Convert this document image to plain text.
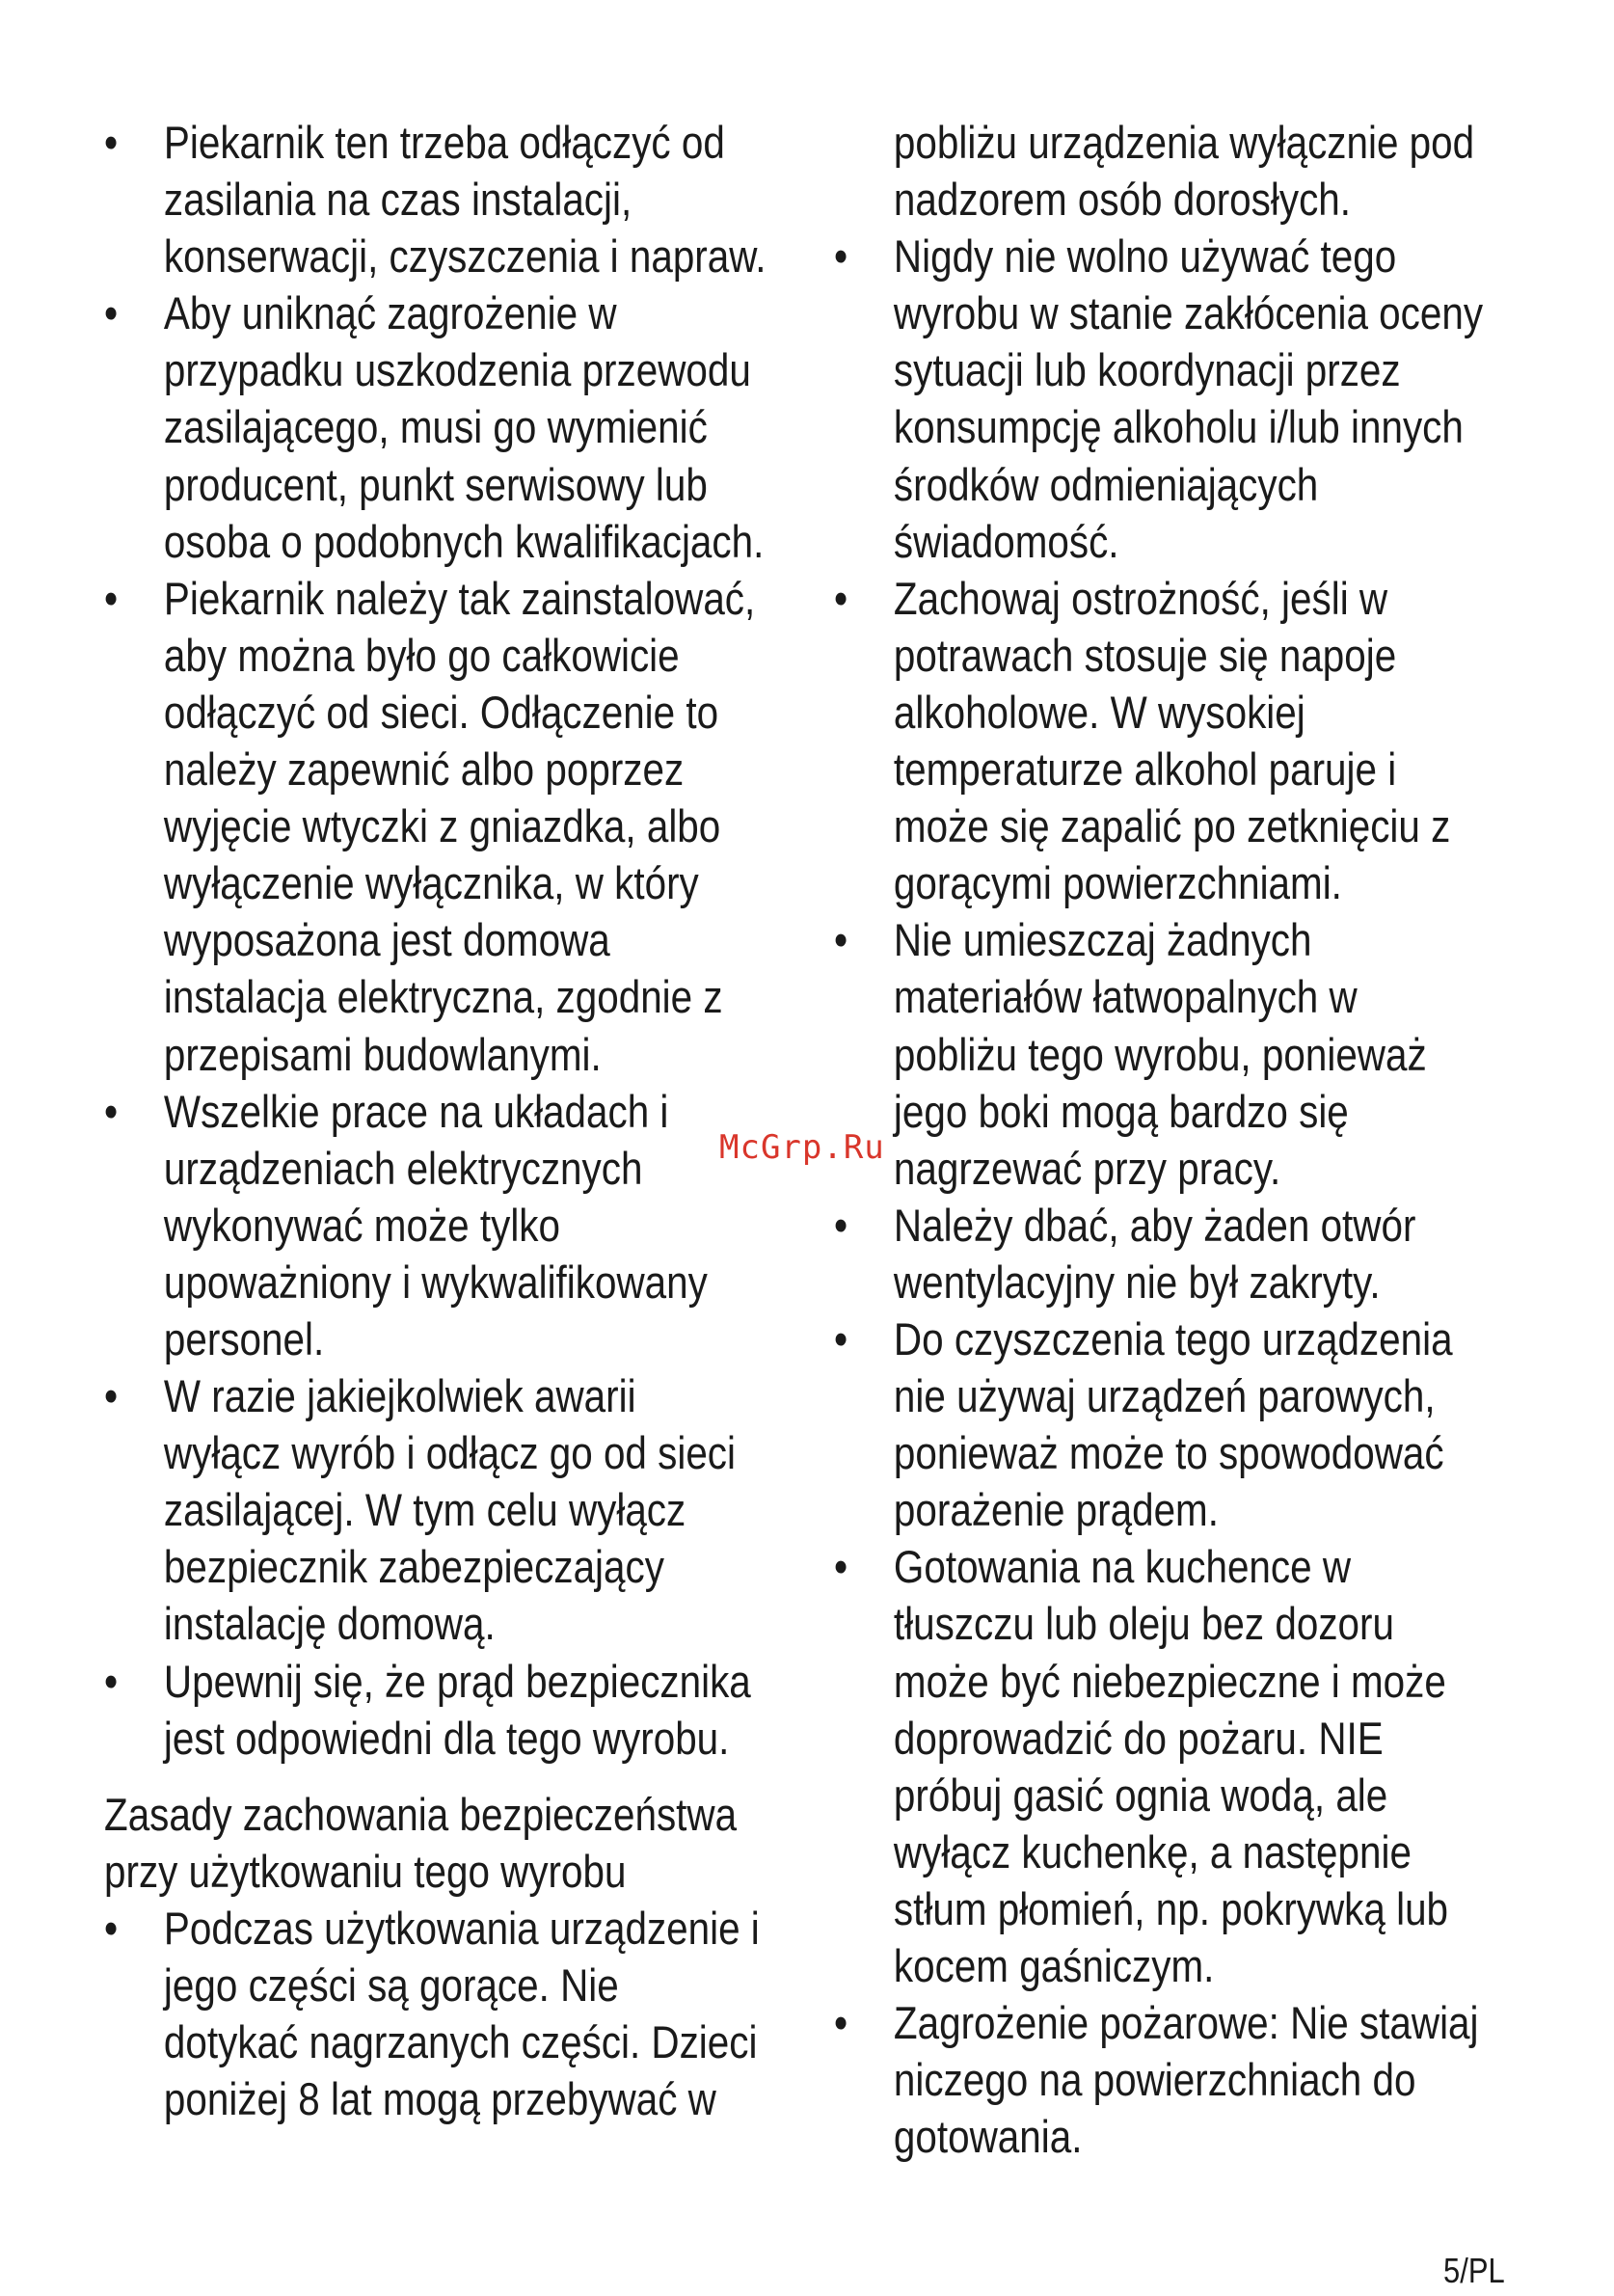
• Piekarnik ten trzeba odłączyć od
zasilania na czas instalacji,
konserwacji, czyszczenia i napraw.
• Aby uniknąć zagrożenie w
przypadku uszkodzenia przewodu
zasilającego, musi go wymienić
producent, punkt serwisowy lub
osoba o podobnych kwalifikacjach.
• Piekarnik należy tak zainstalować,
aby można było go całkowicie
odłączyć od sieci. Odłączenie to
należy zapewnić albo poprzez
wyjęcie wtyczki z gniazdka, albo
wyłączenie wyłącznika, w który
wyposażona jest domowa
instalacja elektryczna, zgodnie z
przepisami budowlanymi.
• Wszelkie prace na układach i
urządzeniach elektrycznych
wykonywać może tylko
upoważniony i wykwalifikowany
personel.
• W razie jakiejkolwiek awarii
wyłącz wyrób i odłącz go od sieci
zasilającej. W tym celu wyłącz
bezpiecznik zabezpieczający
instalację domową.
• Upewnij się, że prąd bezpiecznika
jest odpowiedni dla tego wyrobu.
Zasady zachowania bezpieczeństwa
przy użytkowaniu tego wyrobu
• Podczas użytkowania urządzenie i
jego części są gorące. Nie
dotykać nagrzanych części. Dzieci
poniżej 8 lat mogą przebywać w
pobliżu urządzenia wyłącznie pod
nadzorem osób dorosłych.
• Nigdy nie wolno używać tego
wyrobu w stanie zakłócenia oceny
sytuacji lub koordynacji przez
konsumpcję alkoholu i/lub innych
środków odmieniających
świadomość.
• Zachowaj ostrożność, jeśli w
potrawach stosuje się napoje
alkoholowe. W wysokiej
temperaturze alkohol paruje i
może się zapalić po zetknięciu z
gorącymi powierzchniami.
• Nie umieszczaj żadnych
materiałów łatwopalnych w
pobliżu tego wyrobu, ponieważ
jego boki mogą bardzo się
nagrzewać przy pracy.
• Należy dbać, aby żaden otwór
wentylacyjny nie był zakryty.
• Do czyszczenia tego urządzenia
nie używaj urządzeń parowych,
ponieważ może to spowodować
porażenie prądem.
• Gotowania na kuchence w
tłuszczu lub oleju bez dozoru
może być niebezpieczne i może
doprowadzić do pożaru. NIE
próbuj gasić ognia wodą, ale
wyłącz kuchenkę, a następnie
stłum płomień, np. pokrywką lub
kocem gaśniczym.
• Zagrożenie pożarowe: Nie stawiaj
niczego na powierzchniach do
gotowania.
McGrp.Ru
5/PL
